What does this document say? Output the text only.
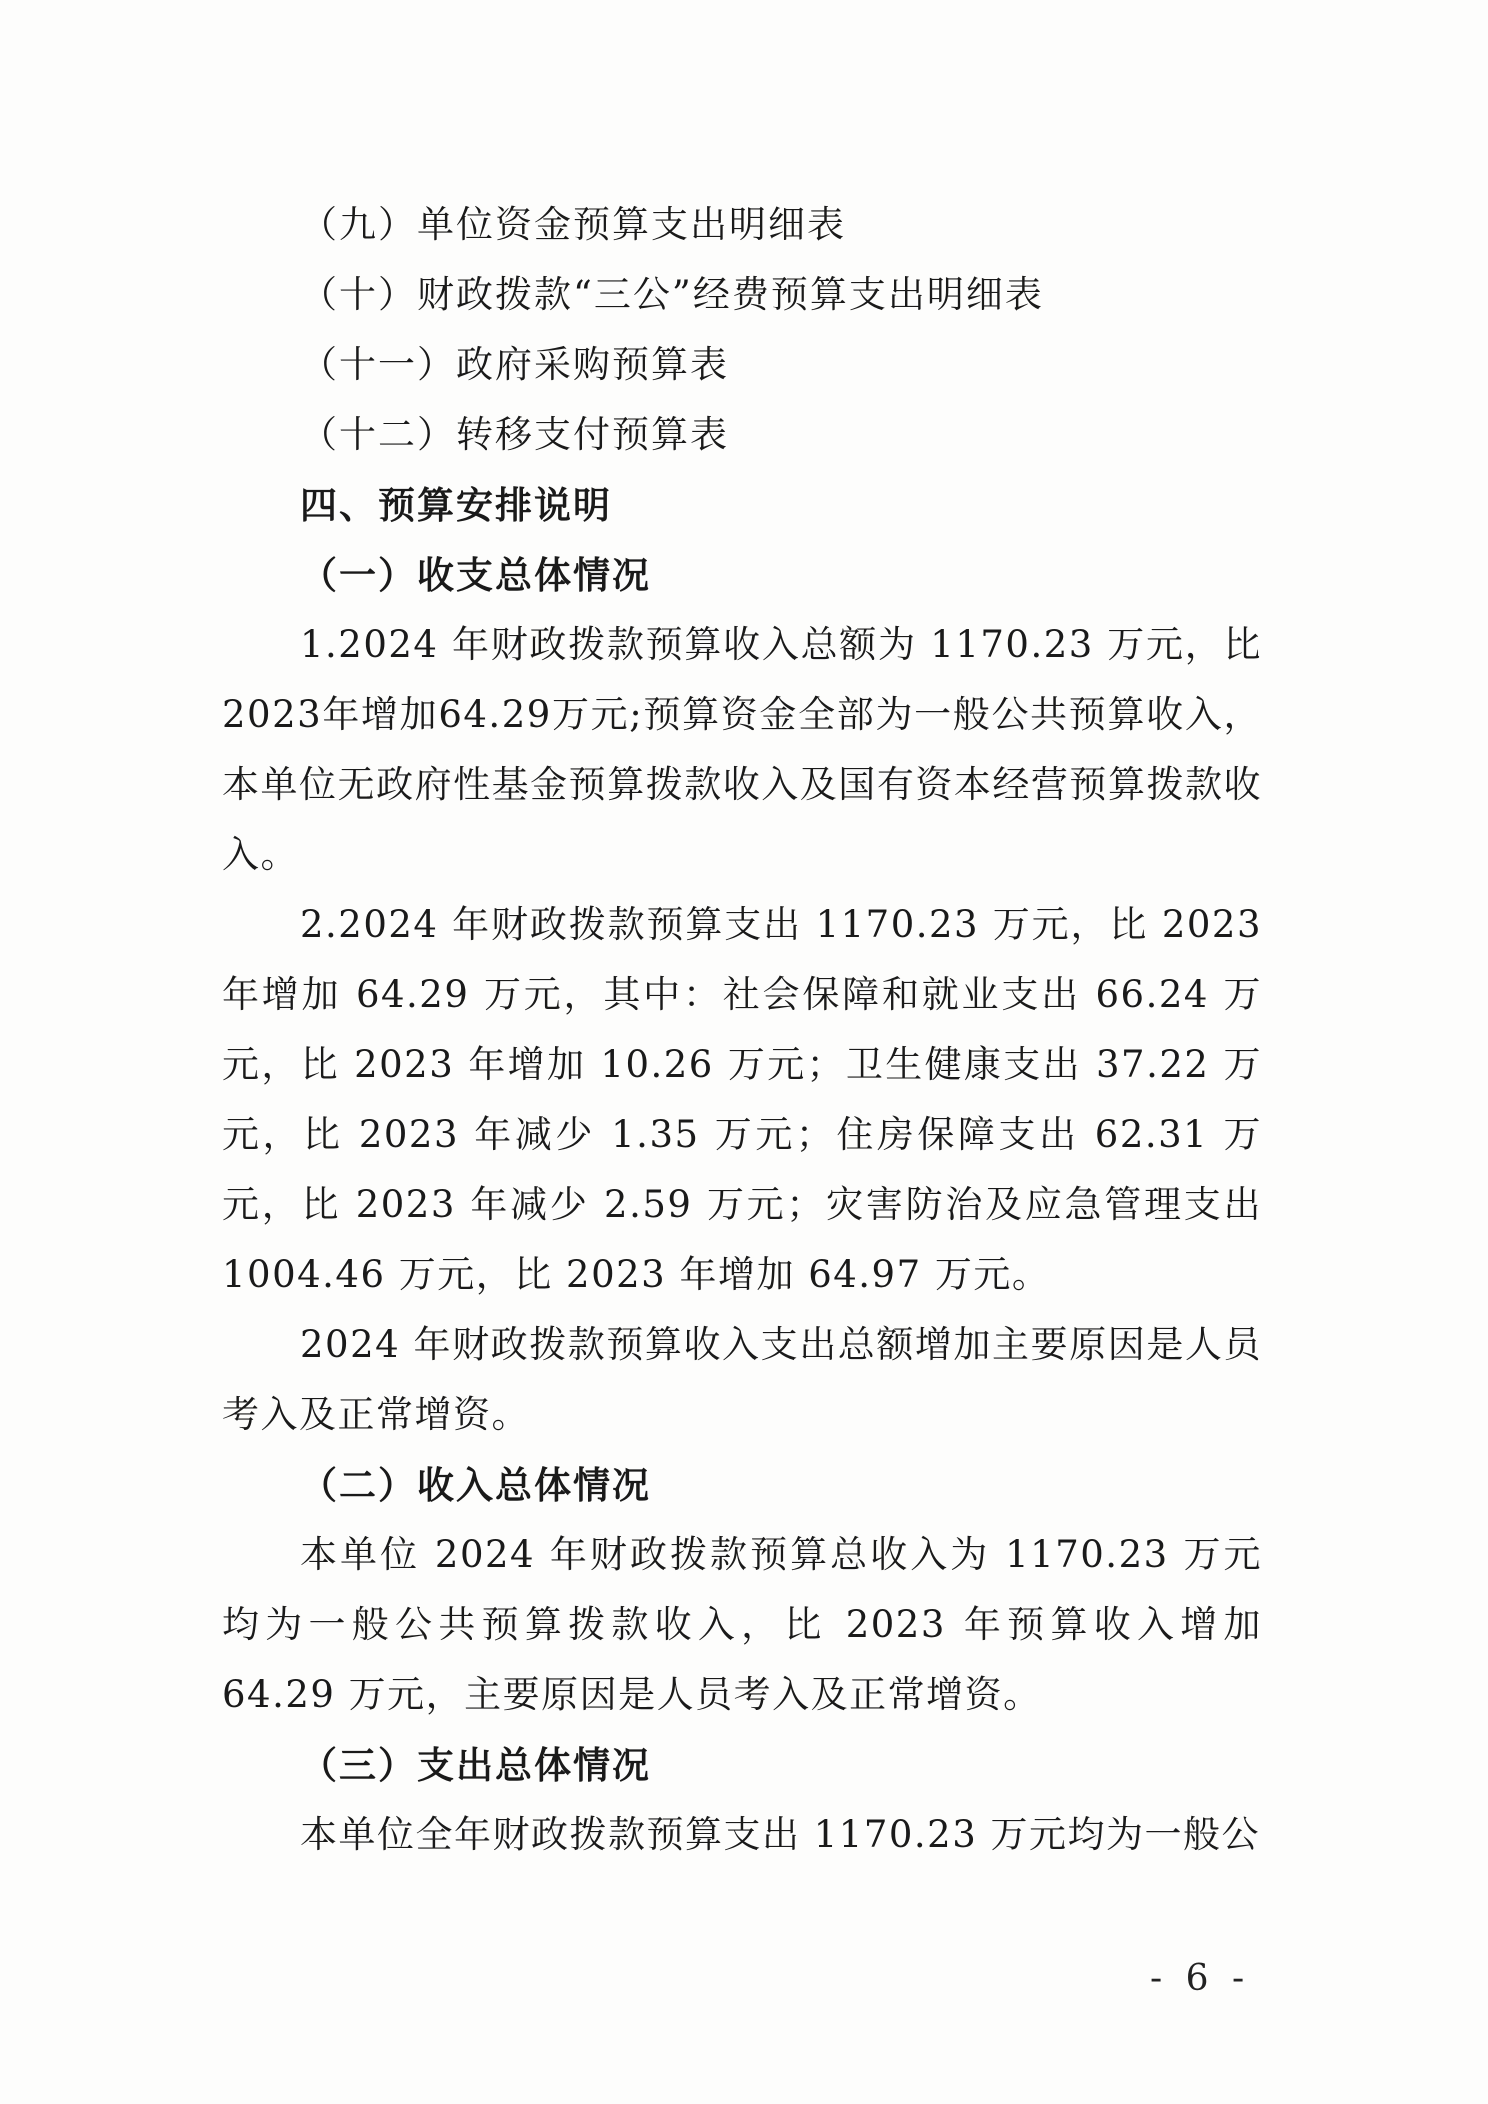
（九）单位资金预算支出明细表
（十）财政拨款“三公”经费预算支出明细表
（十一）政府采购预算表
（十二）转移支付预算表
四、预算安排说明
（一）收支总体情况

1.2024 年财政拨款预算收入总额为 1170.23 万元，比 2023年增加64.29万元;预算资金全部为一般公共预算收入，本单位无政府性基金预算拨款收入及国有资本经营预算拨款收入。

2.2024 年财政拨款预算支出 1170.23 万元，比 2023 年增加 64.29 万元，其中：社会保障和就业支出 66.24 万元，比 2023 年增加 10.26 万元；卫生健康支出 37.22 万元，比 2023 年减少 1.35 万元；住房保障支出 62.31 万元，比 2023 年减少 2.59 万元；灾害防治及应急管理支出 1004.46 万元，比 2023 年增加 64.97 万元。

2024 年财政拨款预算收入支出总额增加主要原因是人员考入及正常增资。

（二）收入总体情况

本单位 2024 年财政拨款预算总收入为 1170.23 万元均为一般公共预算拨款收入，比 2023 年预算收入增加 64.29 万元，主要原因是人员考入及正常增资。

（三）支出总体情况

本单位全年财政拨款预算支出 1170.23 万元均为一般公

- 6 -
